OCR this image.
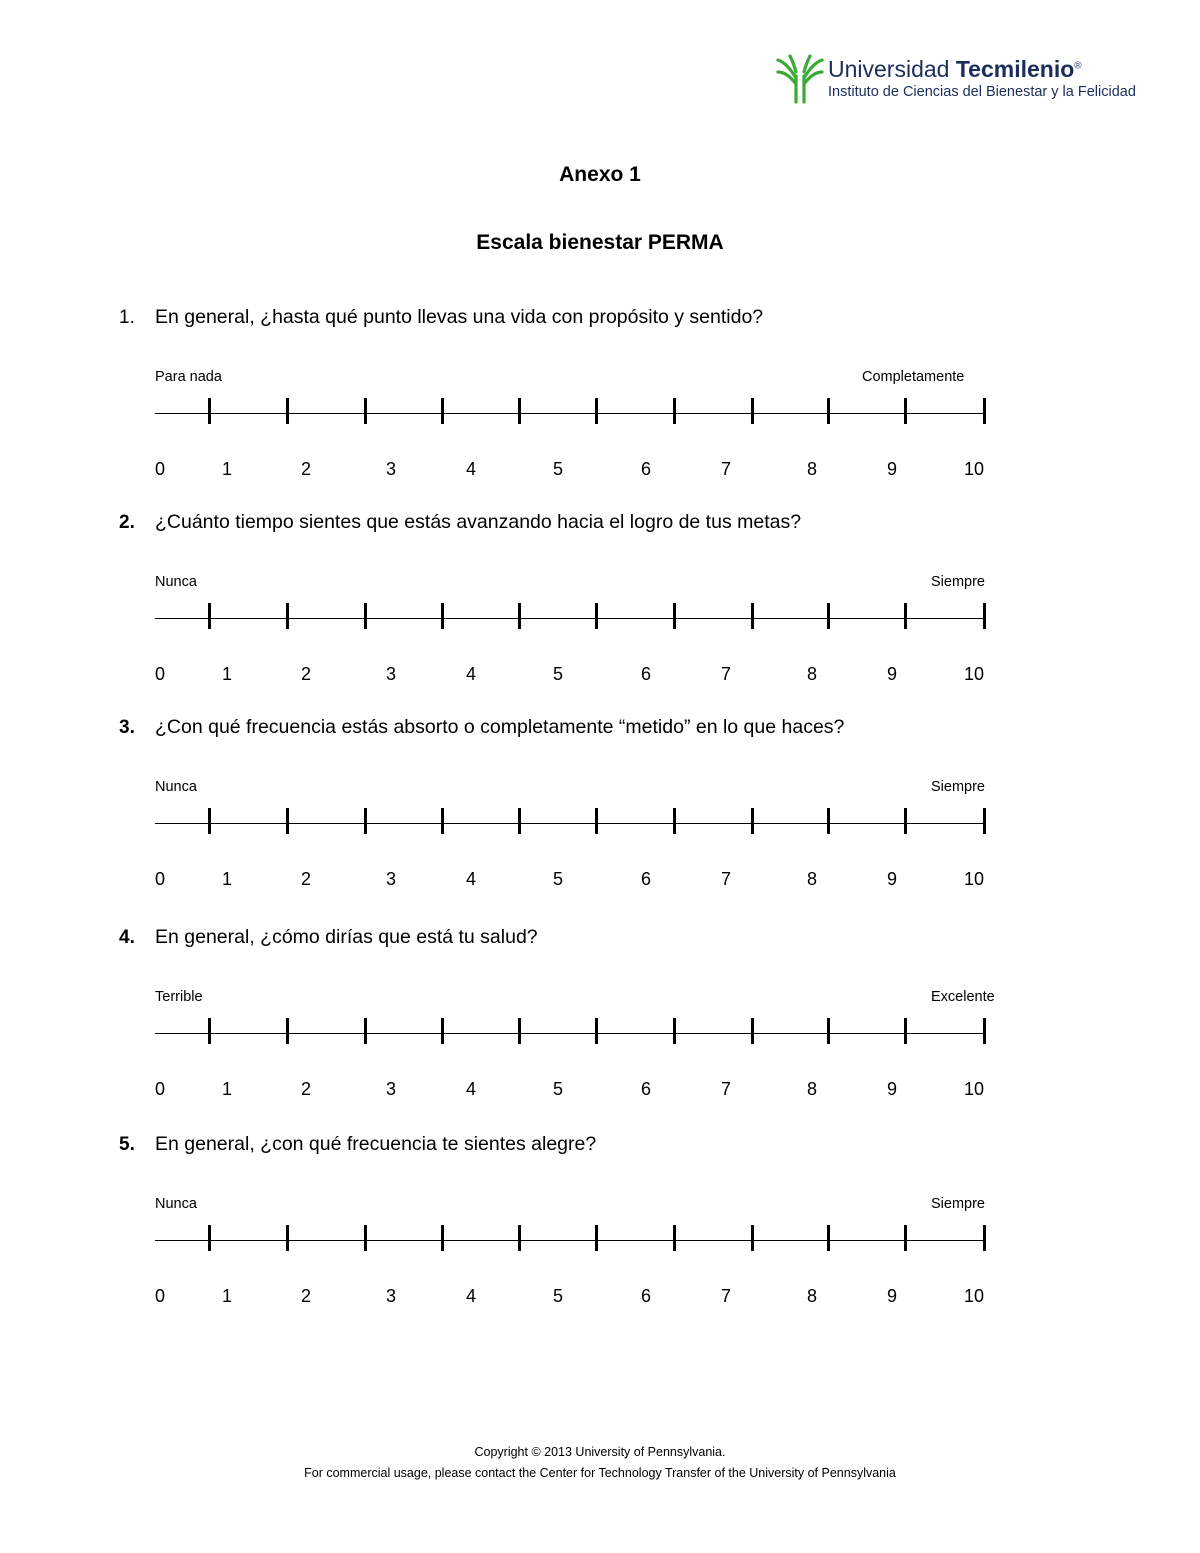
Universidad Tecmilenio®
Instituto de Ciencias del Bienestar y la Felicidad
Anexo 1
Escala bienestar PERMA
1. En general, ¿hasta qué punto llevas una vida con propósito y sentido?
Para nada	Completamente
0	1	2	3	4	5	6	7	8	9	10
2. ¿Cuánto tiempo sientes que estás avanzando hacia el logro de tus metas?
Nunca	Siempre
0	1	2	3	4	5	6	7	8	9	10
3. ¿Con qué frecuencia estás absorto o completamente “metido” en lo que haces?
Nunca	Siempre
0	1	2	3	4	5	6	7	8	9	10
4. En general, ¿cómo dirías que está tu salud?
Terrible	Excelente
0	1	2	3	4	5	6	7	8	9	10
5. En general, ¿con qué frecuencia te sientes alegre?
Nunca	Siempre
0	1	2	3	4	5	6	7	8	9	10
Copyright © 2013 University of Pennsylvania.
For commercial usage, please contact the Center for Technology Transfer of the University of Pennsylvania
